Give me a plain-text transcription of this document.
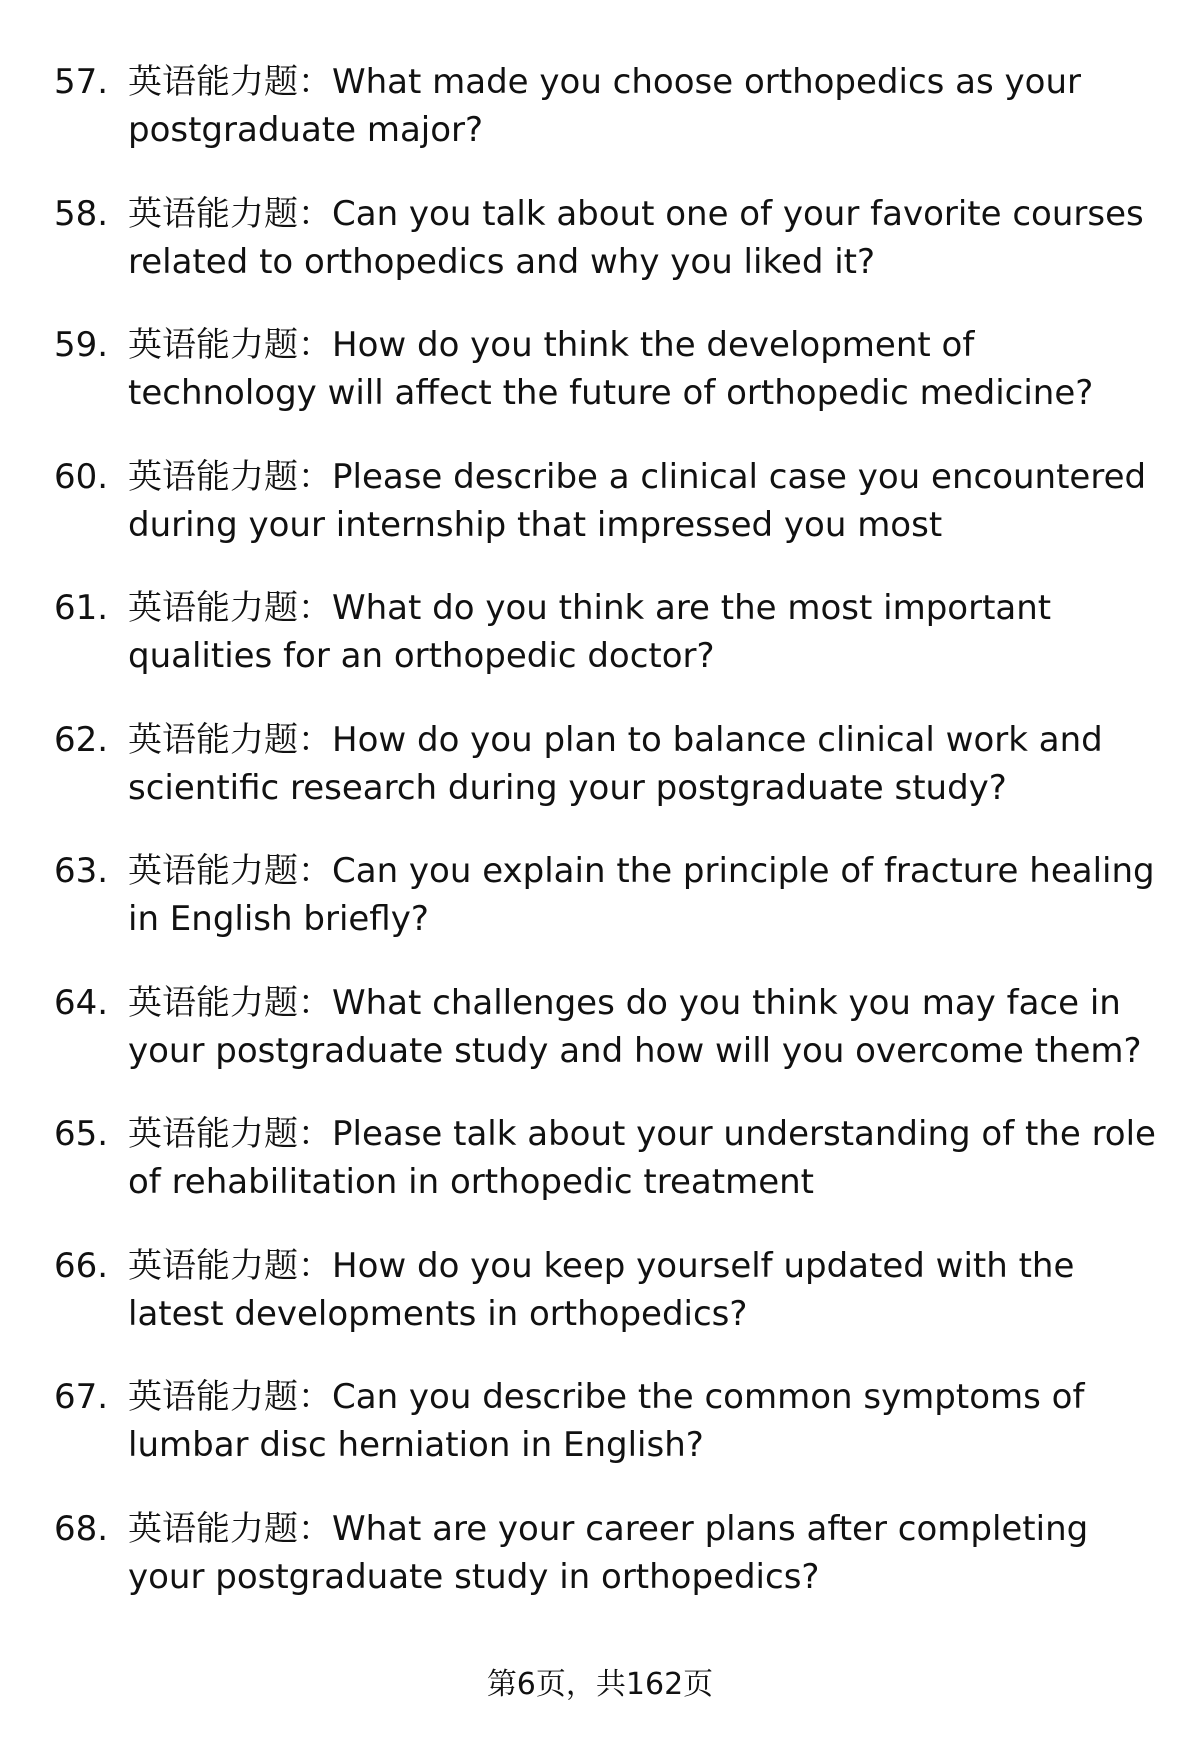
57. 英语能力题：What made you choose orthopedics as your postgraduate major?
58. 英语能力题：Can you talk about one of your favorite courses related to orthopedics and why you liked it?
59. 英语能力题：How do you think the development of technology will affect the future of orthopedic medicine?
60. 英语能力题：Please describe a clinical case you encountered during your internship that impressed you most
61. 英语能力题：What do you think are the most important qualities for an orthopedic doctor?
62. 英语能力题：How do you plan to balance clinical work and scientific research during your postgraduate study?
63. 英语能力题：Can you explain the principle of fracture healing in English briefly?
64. 英语能力题：What challenges do you think you may face in your postgraduate study and how will you overcome them?
65. 英语能力题：Please talk about your understanding of the role of rehabilitation in orthopedic treatment
66. 英语能力题：How do you keep yourself updated with the latest developments in orthopedics?
67. 英语能力题：Can you describe the common symptoms of lumbar disc herniation in English?
68. 英语能力题：What are your career plans after completing your postgraduate study in orthopedics?
第6页，共162页
